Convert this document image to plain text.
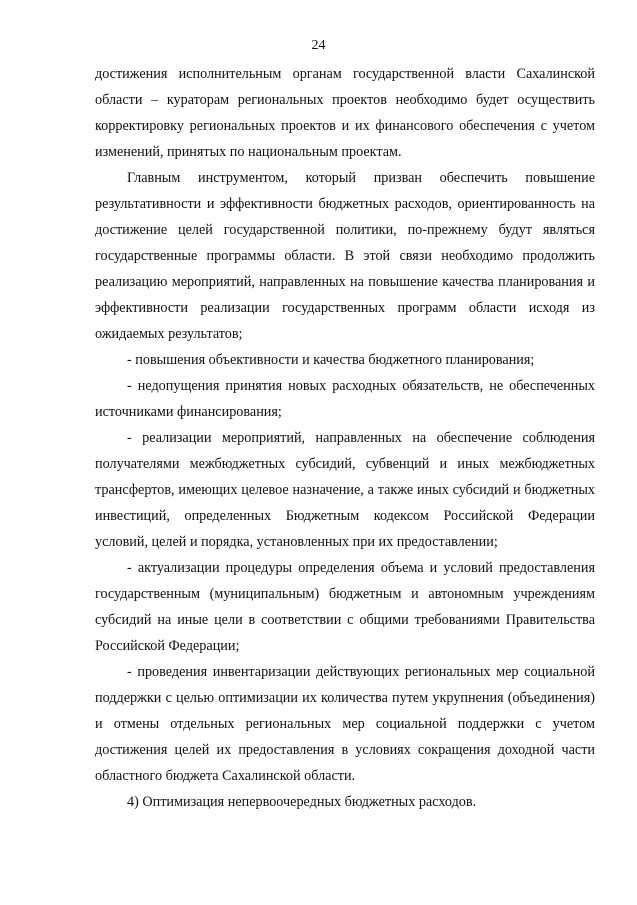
24

достижения исполнительным органам государственной власти Сахалинской области – кураторам региональных проектов необходимо будет осуществить корректировку региональных проектов и их финансового обеспечения с учетом изменений, принятых по национальным проектам.

Главным инструментом, который призван обеспечить повышение результативности и эффективности бюджетных расходов, ориентированность на достижение целей государственной политики, по-прежнему будут являться государственные программы области. В этой связи необходимо продолжить реализацию мероприятий, направленных на повышение качества планирования и эффективности реализации государственных программ области исходя из ожидаемых результатов;

- повышения объективности и качества бюджетного планирования;

- недопущения принятия новых расходных обязательств, не обеспеченных источниками финансирования;

- реализации мероприятий, направленных на обеспечение соблюдения получателями межбюджетных субсидий, субвенций и иных межбюджетных трансфертов, имеющих целевое назначение, а также иных субсидий и бюджетных инвестиций, определенных Бюджетным кодексом Российской Федерации условий, целей и порядка, установленных при их предоставлении;

- актуализации процедуры определения объема и условий предоставления государственным (муниципальным) бюджетным и автономным учреждениям субсидий на иные цели в соответствии с общими требованиями Правительства Российской Федерации;

- проведения инвентаризации действующих региональных мер социальной поддержки с целью оптимизации их количества путем укрупнения (объединения) и отмены отдельных региональных мер социальной поддержки с учетом достижения целей их предоставления в условиях сокращения доходной части областного бюджета Сахалинской области.

4) Оптимизация непервоочередных бюджетных расходов.
